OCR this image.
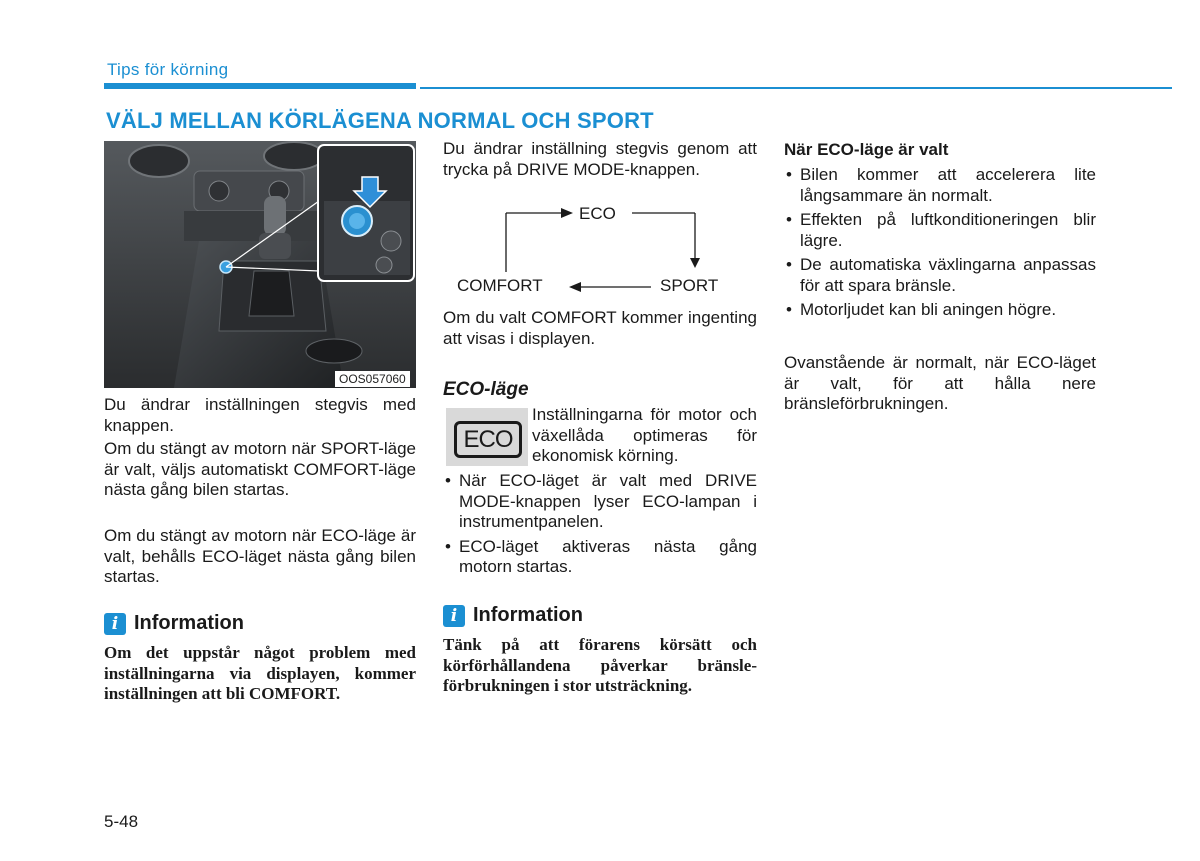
Tips för körning
VÄLJ MELLAN KÖRLÄGENA NORMAL OCH SPORT
OOS057060
Du ändrar inställningen stegvis med knappen.
Om du stängt av motorn när SPORT-läge är valt, väljs automatiskt COMFORT-läge nästa gång bilen startas.
Om du stängt av motorn när ECO-läge är valt, behålls ECO-läget nästa gång bilen startas.
i Information
Om det uppstår något problem med inställningarna via displayen, kommer inställningen att bli COMFORT.
Du ändrar inställning stegvis genom att trycka på DRIVE MODE-knappen.
ECO
SPORT
COMFORT
Om du valt COMFORT kommer ingenting att visas i displayen.
ECO-läge
ECO
Inställningarna för motor och växellåda optimeras för ekonomisk körning.
• När ECO-läget är valt med DRIVE MODE-knappen lyser ECO-lampan i instrumentpanelen.
• ECO-läget aktiveras nästa gång motorn startas.
i Information
Tänk på att förarens körsätt och körförhållandena påverkar bränsle-förbrukningen i stor utsträckning.
När ECO-läge är valt
• Bilen kommer att accelerera lite långsammare än normalt.
• Effekten på luftkonditioneringen blir lägre.
• De automatiska växlingarna anpassas för att spara bränsle.
• Motorljudet kan bli aningen högre.
Ovanstående är normalt, när ECO-läget är valt, för att hålla nere bränsleförbrukningen.
5-48
